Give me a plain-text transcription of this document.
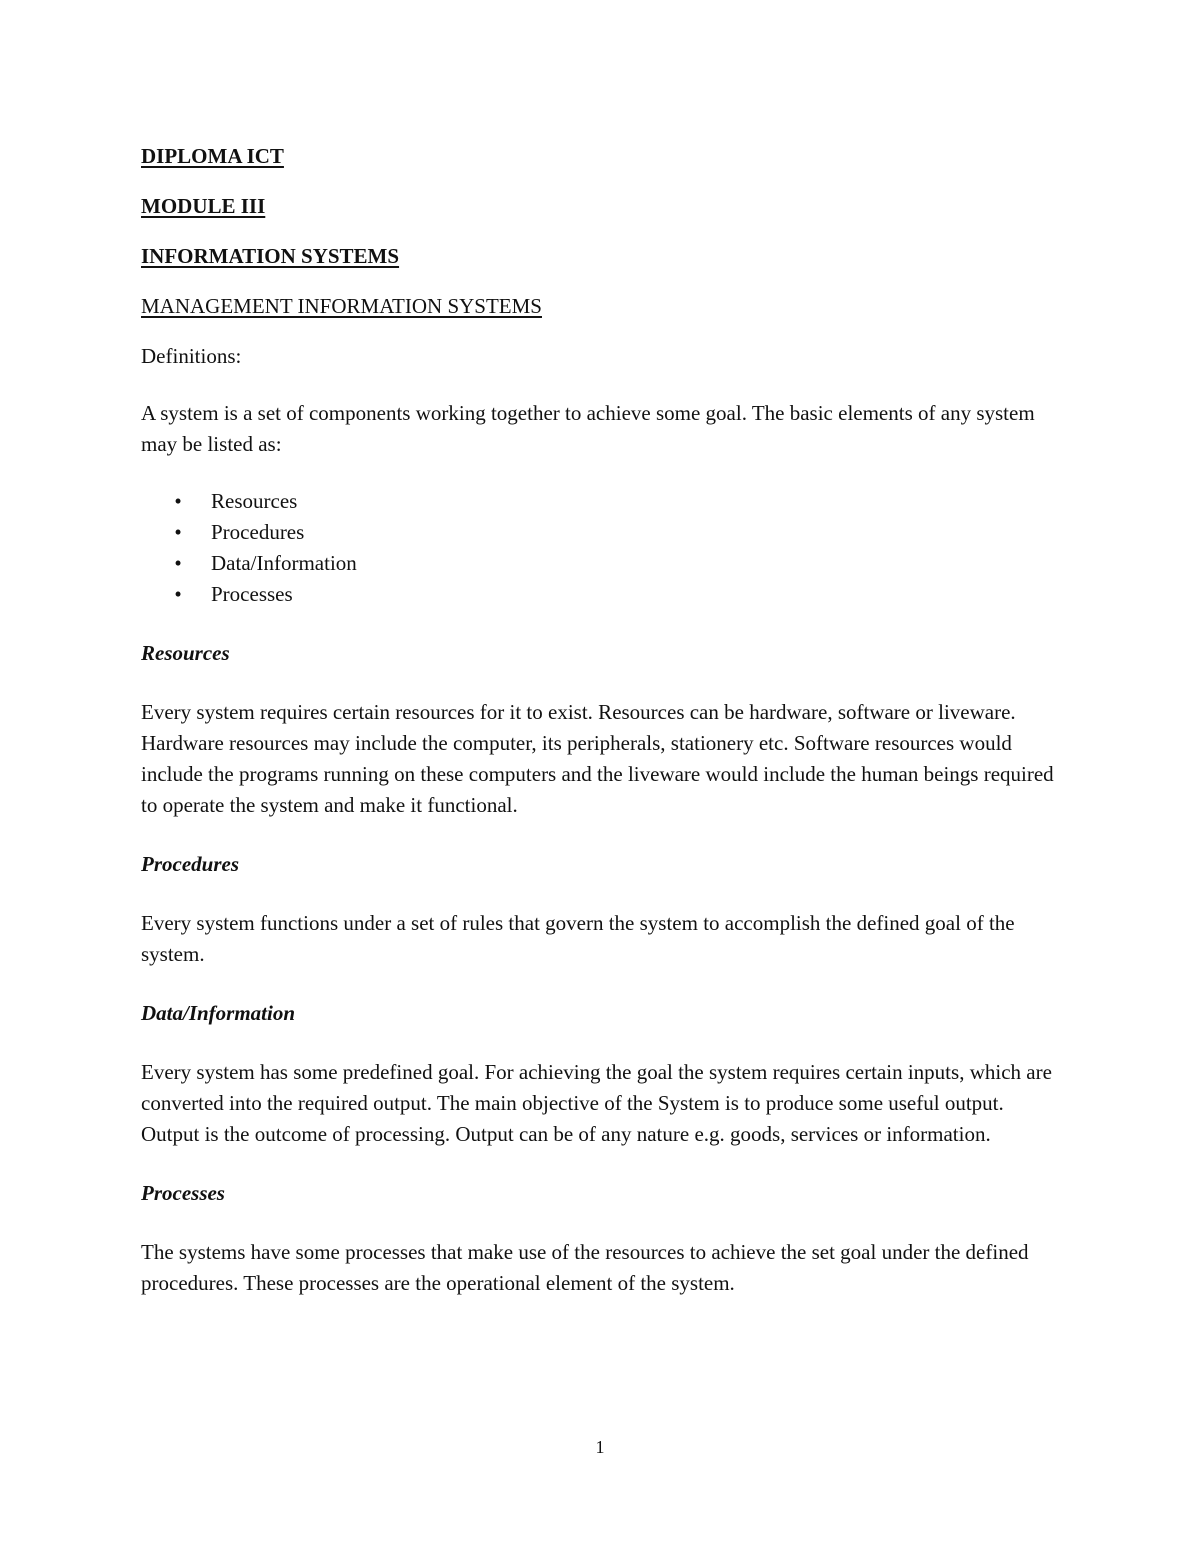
DIPLOMA ICT
MODULE III
INFORMATION SYSTEMS
MANAGEMENT INFORMATION SYSTEMS

Definitions:

A system is a set of components working together to achieve some goal. The basic elements of any system may be listed as:

• Resources
• Procedures
• Data/Information
• Processes

Resources

Every system requires certain resources for it to exist. Resources can be hardware, software or liveware. Hardware resources may include the computer, its peripherals, stationery etc. Software resources would include the programs running on these computers and the liveware would include the human beings required to operate the system and make it functional.

Procedures

Every system functions under a set of rules that govern the system to accomplish the defined goal of the system.

Data/Information

Every system has some predefined goal. For achieving the goal the system requires certain inputs, which are converted into the required output. The main objective of the System is to produce some useful output. Output is the outcome of processing. Output can be of any nature e.g. goods, services or information.

Processes

The systems have some processes that make use of the resources to achieve the set goal under the defined procedures. These processes are the operational element of the system.

1
